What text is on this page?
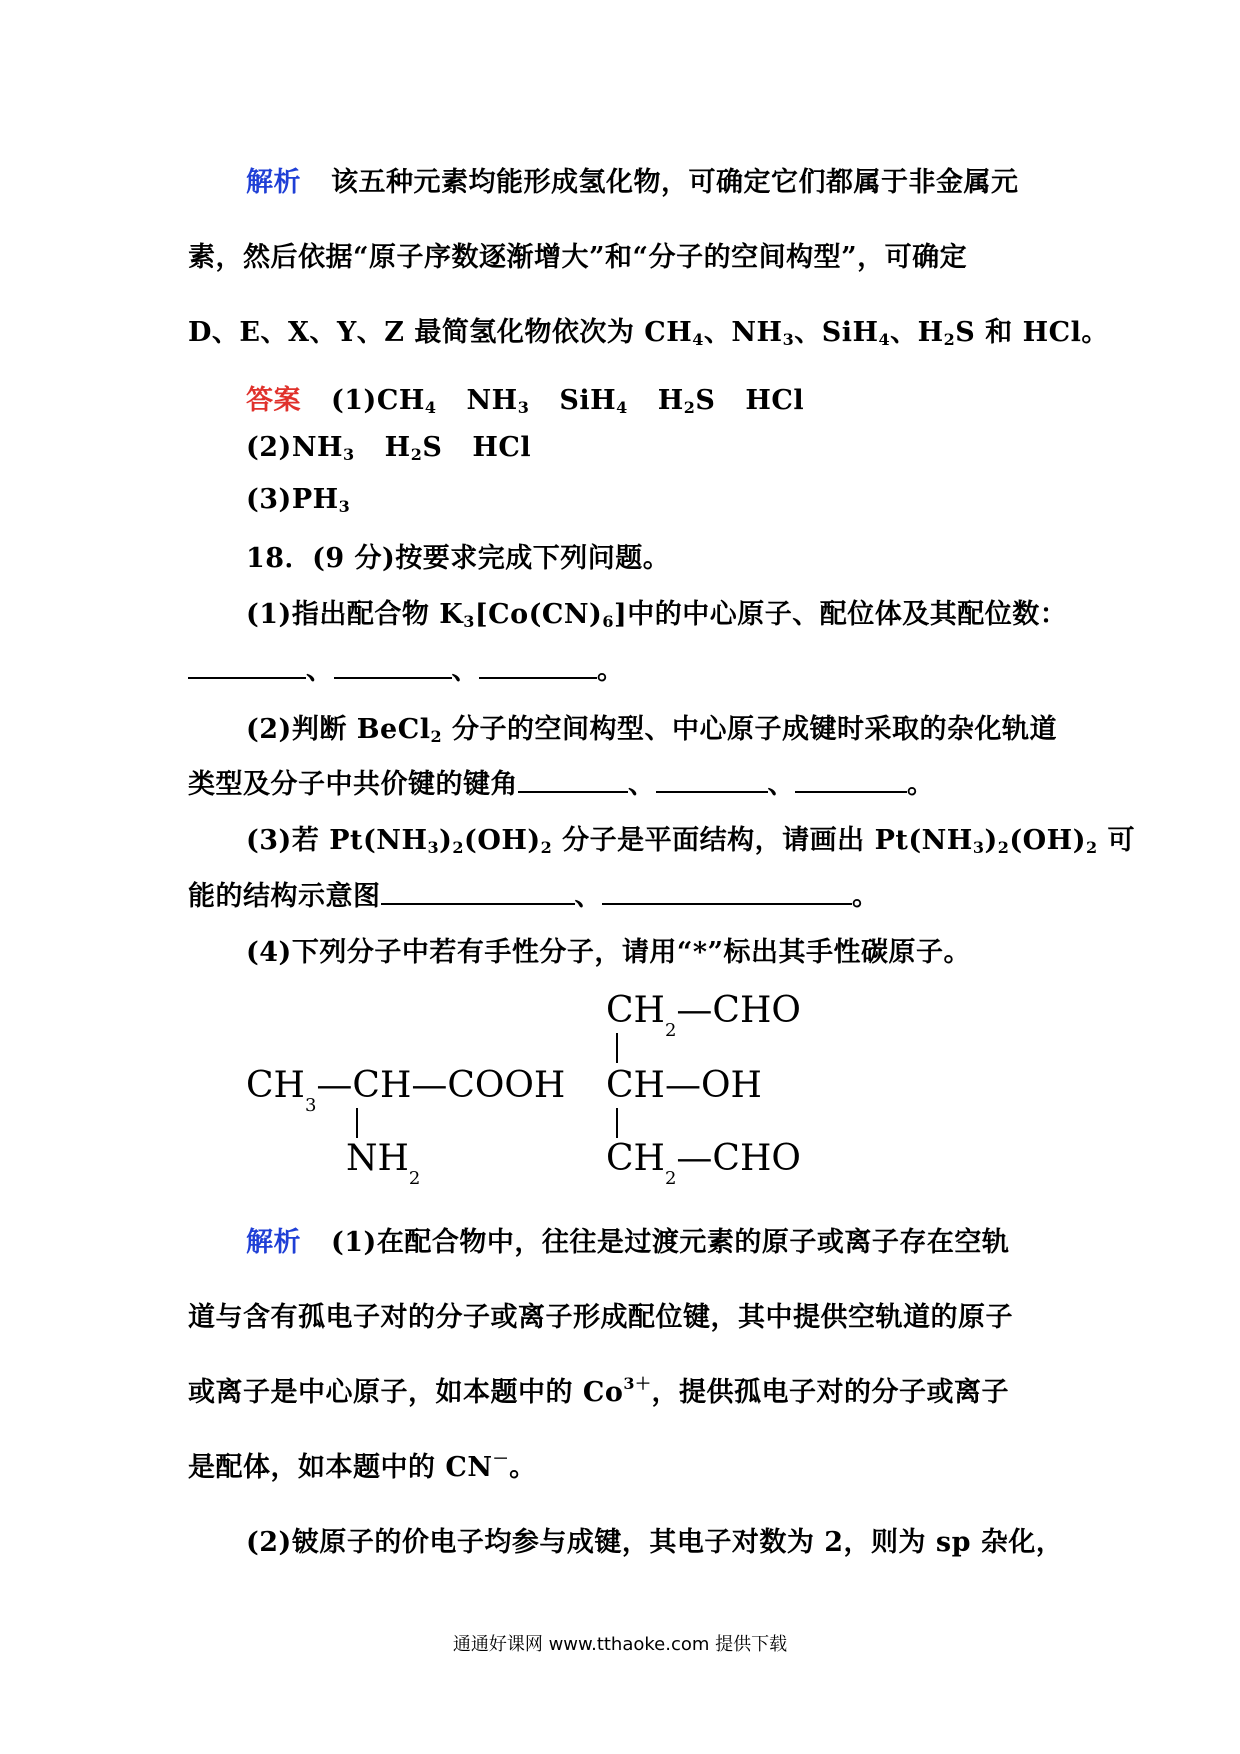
解析 该五种元素均能形成氢化物，可确定它们都属于非金属元
素，然后依据“原子序数逐渐增大”和“分子的空间构型”，可确定
D、E、X、Y、Z 最简氢化物依次为 $CH_4$、$NH_3$、SiH$_4$、$H_2S$ 和 HCl。
答案 $(1)CH_4$ $NH_3$ SiH$_4$ $H_2S$ HCl
$(2)NH_3$ $H_2S$ HCl
$(3)PH_3$
18．(9 分)按要求完成下列问题。
(1)指出配合物 $K_3[Co(CN)_6]$中的中心原子、配位体及其配位数：
、	、	。
(2)判断 BeCl$_2$ 分子的空间构型、中心原子成键时采取的杂化轨道
类型及分子中共价键的键角	、	、	。
(3)若 $Pt(NH_3)_2(OH)_2$ 分子是平面结构，请画出 $Pt(NH_3)_2(OH)_2$ 可
能的结构示意图	、	。
(4)下列分子中若有手性分子，请用“*”标出其手性碳原子。
$CH_3—CH—COOH$
$NH_2$
$CH_2—CHO$
CH—OH
$CH_2—CHO$
解析 (1)在配合物中，往往是过渡元素的原子或离子存在空轨
道与含有孤电子对的分子或离子形成配位键，其中提供空轨道的原子
或离子是中心原子，如本题中的 $Co^{3+}$，提供孤电子对的分子或离子
是配体，如本题中的 CN－。
(2)铍原子的价电子均参与成键，其电子对数为 2，则为 sp 杂化，
通通好课网 www.tthaoke.com 提供下载
